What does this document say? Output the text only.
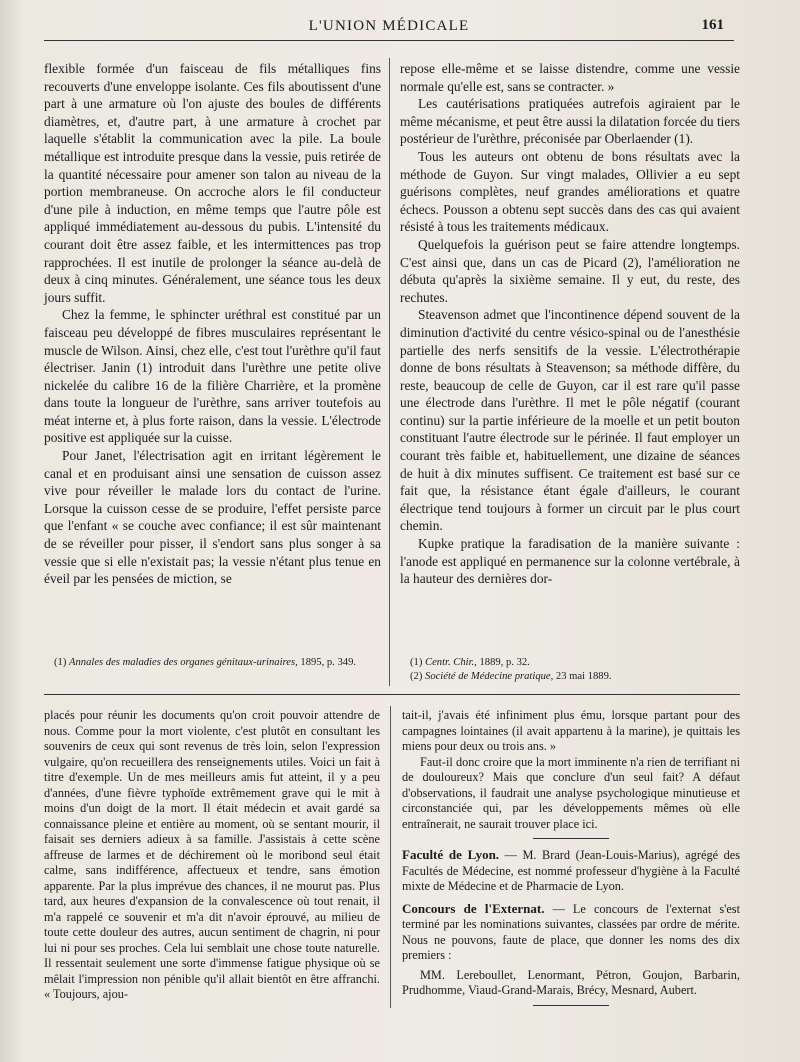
L'UNION MÉDICALE	161

flexible formée d'un faisceau de fils métalliques fins recouverts d'une enveloppe isolante. Ces fils aboutissent d'une part à une armature où l'on ajuste des boules de différents diamètres, et, d'autre part, à une armature à crochet par laquelle s'établit la communication avec la pile. La boule métallique est introduite presque dans la vessie, puis retirée de la quantité nécessaire pour amener son talon au niveau de la portion membraneuse. On accroche alors le fil conducteur d'une pile à induction, en même temps que l'autre pôle est appliqué immédiatement au-dessous du pubis. L'intensité du courant doit être assez faible, et les intermittences pas trop rapprochées. Il est inutile de prolonger la séance au-delà de deux à cinq minutes. Généralement, une séance tous les deux jours suffit.

Chez la femme, le sphincter uréthral est constitué par un faisceau peu développé de fibres musculaires représentant le muscle de Wilson. Ainsi, chez elle, c'est tout l'urèthre qu'il faut électriser. Janin (1) introduit dans l'urèthre une petite olive nickelée du calibre 16 de la filière Charrière, et la promène dans toute la longueur de l'urèthre, sans arriver toutefois au méat interne et, à plus forte raison, dans la vessie. L'électrode positive est appliquée sur la cuisse.

Pour Janet, l'électrisation agit en irritant légèrement le canal et en produisant ainsi une sensation de cuisson assez vive pour réveiller le malade lors du contact de l'urine. Lorsque la cuisson cesse de se produire, l'effet persiste parce que l'enfant « se couche avec confiance; il est sûr maintenant de se réveiller pour pisser, il s'endort sans plus songer à sa vessie que si elle n'existait pas; la vessie n'étant plus tenue en éveil par les pensées de miction, se

repose elle-même et se laisse distendre, comme une vessie normale qu'elle est, sans se contracter. »

Les cautérisations pratiquées autrefois agiraient par le même mécanisme, et peut être aussi la dilatation forcée du tiers postérieur de l'urèthre, préconisée par Oberlaender (1).

Tous les auteurs ont obtenu de bons résultats avec la méthode de Guyon. Sur vingt malades, Ollivier a eu sept guérisons complètes, neuf grandes améliorations et quatre échecs. Pousson a obtenu sept succès dans des cas qui avaient résisté à tous les traitements médicaux.

Quelquefois la guérison peut se faire attendre longtemps. C'est ainsi que, dans un cas de Picard (2), l'amélioration ne débuta qu'après la sixième semaine. Il y eut, du reste, des rechutes.

Steavenson admet que l'incontinence dépend souvent de la diminution d'activité du centre vésico-spinal ou de l'anesthésie partielle des nerfs sensitifs de la vessie. L'électrothérapie donne de bons résultats à Steavenson; sa méthode diffère, du reste, beaucoup de celle de Guyon, car il est rare qu'il passe une électrode dans l'urèthre. Il met le pôle négatif (courant continu) sur la partie inférieure de la moelle et un petit bouton constituant l'autre électrode sur le périnée. Il faut employer un courant très faible et, habituellement, une dizaine de séances de huit à dix minutes suffisent. Ce traitement est basé sur ce fait que, la résistance étant égale d'ailleurs, le courant électrique tend toujours à former un circuit par le plus court chemin.

Kupke pratique la faradisation de la manière suivante : l'anode est appliqué en permanence sur la colonne vertébrale, à la hauteur des dernières dor-

(1) Annales des maladies des organes génitaux-urinaires, 1895, p. 349.	(1) Centr. Chir., 1889, p. 32.

(2) Société de Médecine pratique, 23 mai 1889.

placés pour réunir les documents qu'on croit pouvoir attendre de nous. Comme pour la mort violente, c'est plutôt en consultant les souvenirs de ceux qui sont revenus de très loin, selon l'expression vulgaire, qu'on recueillera des renseignements utiles. Voici un fait à titre d'exemple. Un de mes meilleurs amis fut atteint, il y a peu d'années, d'une fièvre typhoïde extrêmement grave qui le mit à moins d'un doigt de la mort. Il était médecin et avait gardé sa connaissance pleine et entière au moment, où se sentant mourir, il faisait ses derniers adieux à sa famille. J'assistais à cette scène affreuse de larmes et de déchirement où le moribond seul était calme, sans indifférence, affectueux et tendre, sans émotion apparente. Par la plus imprévue des chances, il ne mourut pas. Plus tard, aux heures d'expansion de la convalescence où tout renait, il m'a rappelé ce souvenir et m'a dit n'avoir éprouvé, au milieu de toute cette douleur des autres, aucun sentiment de chagrin, ni pour lui ni pour ses proches. Cela lui semblait une chose toute naturelle. Il ressentait seulement une sorte d'immense fatigue physique où se mêlait l'impression non pénible qu'il allait bientôt en être affranchi. « Toujours, ajou-

tait-il, j'avais été infiniment plus ému, lorsque partant pour des campagnes lointaines (il avait appartenu à la marine), je quittais les miens pour deux ou trois ans. »

Faut-il donc croire que la mort imminente n'a rien de terrifiant ni de douloureux? Mais que conclure d'un seul fait? A défaut d'observations, il faudrait une analyse psychologique minutieuse et circonstanciée qui, par les développements mêmes où elle entraînerait, ne saurait trouver place ici.

Faculté de Lyon. — M. Brard (Jean-Louis-Marius), agrégé des Facultés de Médecine, est nommé professeur d'hygiène à la Faculté mixte de Médecine et de Pharmacie de Lyon.

Concours de l'Externat. — Le concours de l'externat s'est terminé par les nominations suivantes, classées par ordre de mérite. Nous ne pouvons, faute de place, que donner les noms des dix premiers :

MM. Lereboullet, Lenormant, Pétron, Goujon, Barbarin, Prudhomme, Viaud-Grand-Marais, Brécy, Mesnard, Aubert.
